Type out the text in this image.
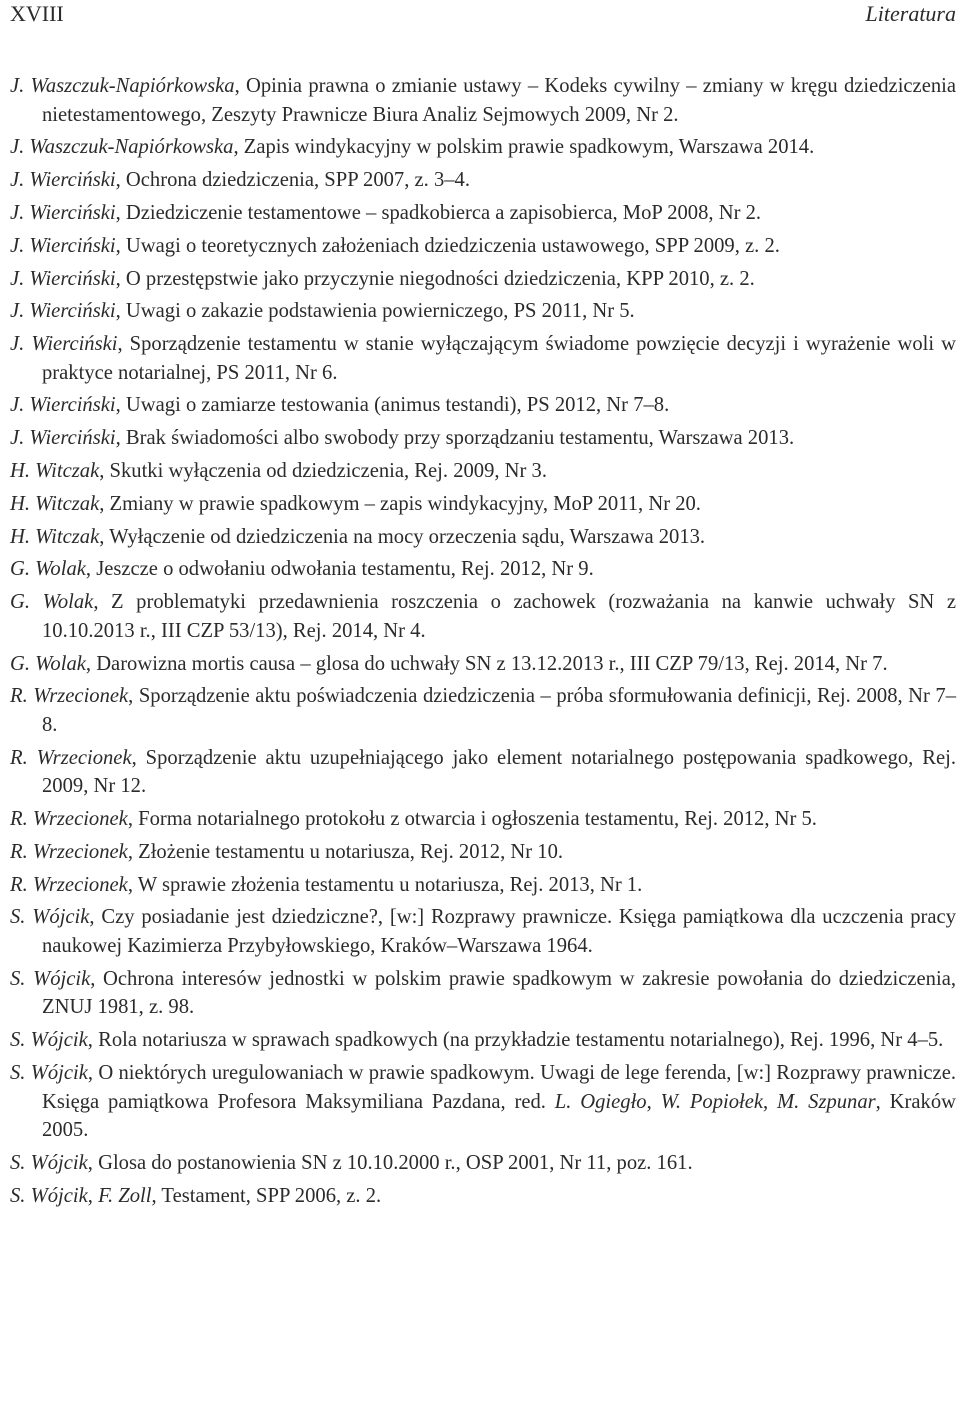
XVIII	Literatura
J. Waszczuk-Napiórkowska, Opinia prawna o zmianie ustawy – Kodeks cywilny – zmiany w kręgu dziedziczenia nietestamentowego, Zeszyty Prawnicze Biura Analiz Sejmowych 2009, Nr 2.
J. Waszczuk-Napiórkowska, Zapis windykacyjny w polskim prawie spadkowym, Warszawa 2014.
J. Wierciński, Ochrona dziedziczenia, SPP 2007, z. 3–4.
J. Wierciński, Dziedziczenie testamentowe – spadkobierca a zapisobierca, MoP 2008, Nr 2.
J. Wierciński, Uwagi o teoretycznych założeniach dziedziczenia ustawowego, SPP 2009, z. 2.
J. Wierciński, O przestępstwie jako przyczynie niegodności dziedziczenia, KPP 2010, z. 2.
J. Wierciński, Uwagi o zakazie podstawienia powierniczego, PS 2011, Nr 5.
J. Wierciński, Sporządzenie testamentu w stanie wyłączającym świadome powzięcie decyzji i wyrażenie woli w praktyce notarialnej, PS 2011, Nr 6.
J. Wierciński, Uwagi o zamiarze testowania (animus testandi), PS 2012, Nr 7–8.
J. Wierciński, Brak świadomości albo swobody przy sporządzaniu testamentu, Warszawa 2013.
H. Witczak, Skutki wyłączenia od dziedziczenia, Rej. 2009, Nr 3.
H. Witczak, Zmiany w prawie spadkowym – zapis windykacyjny, MoP 2011, Nr 20.
H. Witczak, Wyłączenie od dziedziczenia na mocy orzeczenia sądu, Warszawa 2013.
G. Wolak, Jeszcze o odwołaniu odwołania testamentu, Rej. 2012, Nr 9.
G. Wolak, Z problematyki przedawnienia roszczenia o zachowek (rozważania na kanwie uchwały SN z 10.10.2013 r., III CZP 53/13), Rej. 2014, Nr 4.
G. Wolak, Darowizna mortis causa – glosa do uchwały SN z 13.12.2013 r., III CZP 79/13, Rej. 2014, Nr 7.
R. Wrzecionek, Sporządzenie aktu poświadczenia dziedziczenia – próba sformułowania definicji, Rej. 2008, Nr 7–8.
R. Wrzecionek, Sporządzenie aktu uzupełniającego jako element notarialnego postępowania spadkowego, Rej. 2009, Nr 12.
R. Wrzecionek, Forma notarialnego protokołu z otwarcia i ogłoszenia testamentu, Rej. 2012, Nr 5.
R. Wrzecionek, Złożenie testamentu u notariusza, Rej. 2012, Nr 10.
R. Wrzecionek, W sprawie złożenia testamentu u notariusza, Rej. 2013, Nr 1.
S. Wójcik, Czy posiadanie jest dziedziczne?, [w:] Rozprawy prawnicze. Księga pamiątkowa dla uczczenia pracy naukowej Kazimierza Przybyłowskiego, Kraków–Warszawa 1964.
S. Wójcik, Ochrona interesów jednostki w polskim prawie spadkowym w zakresie powołania do dziedziczenia, ZNUJ 1981, z. 98.
S. Wójcik, Rola notariusza w sprawach spadkowych (na przykładzie testamentu notarialnego), Rej. 1996, Nr 4–5.
S. Wójcik, O niektórych uregulowaniach w prawie spadkowym. Uwagi de lege ferenda, [w:] Rozprawy prawnicze. Księga pamiątkowa Profesora Maksymiliana Pazdana, red. L. Ogiegło, W. Popiołek, M. Szpunar, Kraków 2005.
S. Wójcik, Glosa do postanowienia SN z 10.10.2000 r., OSP 2001, Nr 11, poz. 161.
S. Wójcik, F. Zoll, Testament, SPP 2006, z. 2.
